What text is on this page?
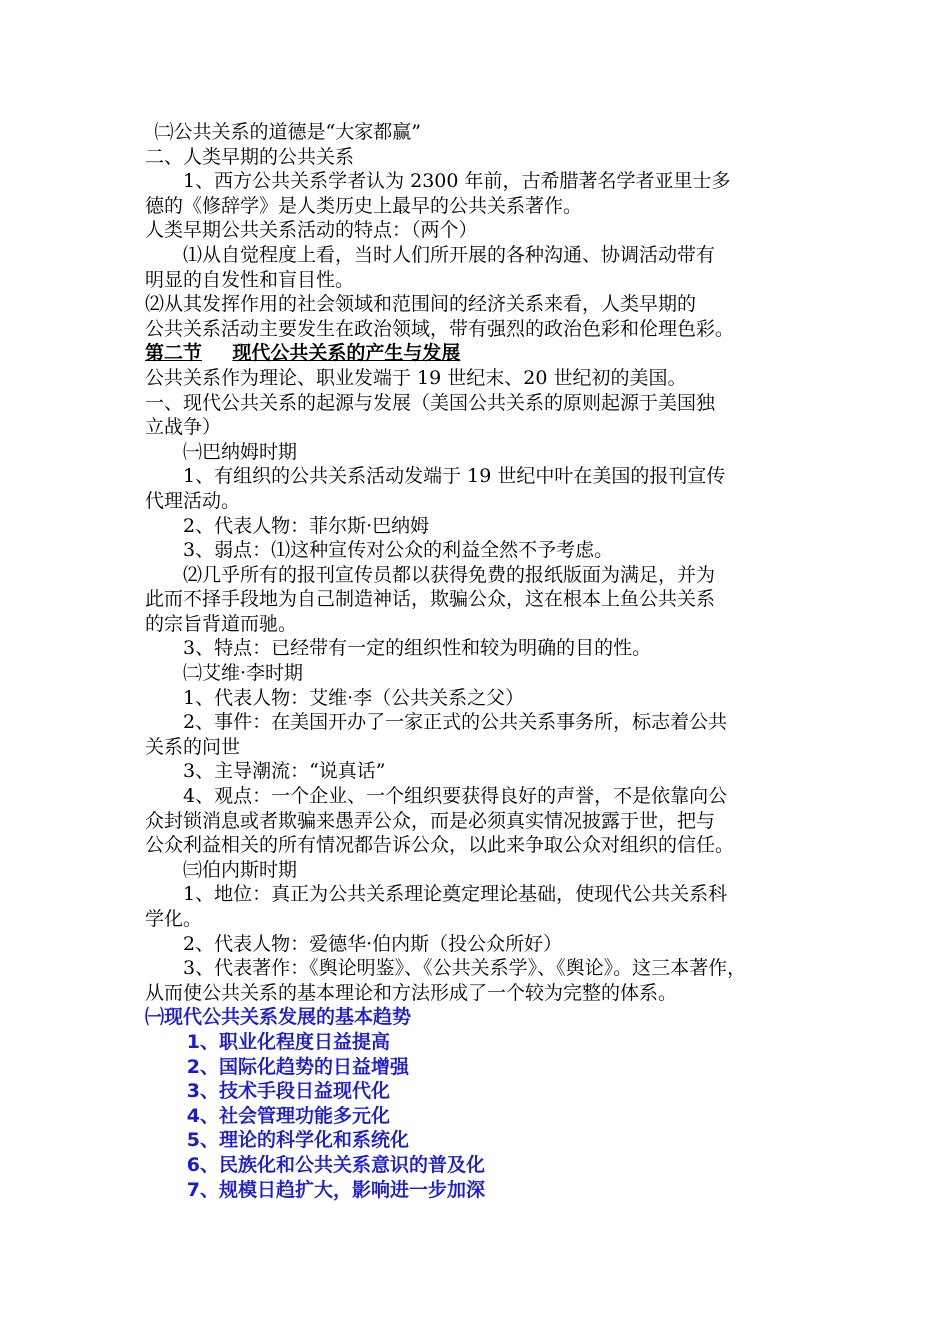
㈡公共关系的道德是“大家都赢”
二、人类早期的公共关系
1、西方公共关系学者认为 2300 年前，古希腊著名学者亚里士多
德的《修辞学》是人类历史上最早的公共关系著作。
人类早期公共关系活动的特点：（两个）
⑴从自觉程度上看，当时人们所开展的各种沟通、协调活动带有
明显的自发性和盲目性。
⑵从其发挥作用的社会领域和范围间的经济关系来看，人类早期的
公共关系活动主要发生在政治领域，带有强烈的政治色彩和伦理色彩。
第二节 现代公共关系的产生与发展
公共关系作为理论、职业发端于 19 世纪末、20 世纪初的美国。
一、现代公共关系的起源与发展（美国公共关系的原则起源于美国独
立战争）
㈠巴纳姆时期
1、有组织的公共关系活动发端于 19 世纪中叶在美国的报刊宣传
代理活动。
2、代表人物：菲尔斯·巴纳姆
3、弱点：⑴这种宣传对公众的利益全然不予考虑。
⑵几乎所有的报刊宣传员都以获得免费的报纸版面为满足，并为
此而不择手段地为自己制造神话，欺骗公众，这在根本上鱼公共关系
的宗旨背道而驰。
3、特点：已经带有一定的组织性和较为明确的目的性。
㈡艾维·李时期
1、代表人物：艾维·李（公共关系之父）
2、事件：在美国开办了一家正式的公共关系事务所，标志着公共
关系的问世
3、主导潮流：“说真话”
4、观点：一个企业、一个组织要获得良好的声誉，不是依靠向公
众封锁消息或者欺骗来愚弄公众，而是必须真实情况披露于世，把与
公众利益相关的所有情况都告诉公众，以此来争取公众对组织的信任。
㈢伯内斯时期
1、地位：真正为公共关系理论奠定理论基础，使现代公共关系科
学化。
2、代表人物：爱德华·伯内斯（投公众所好）
3、代表著作：《舆论明鉴》、《公共关系学》、《舆论》。这三本著作，
从而使公共关系的基本理论和方法形成了一个较为完整的体系。
㈠现代公共关系发展的基本趋势
1、职业化程度日益提高
2、国际化趋势的日益增强
3、技术手段日益现代化
4、社会管理功能多元化
5、理论的科学化和系统化
6、民族化和公共关系意识的普及化
7、规模日趋扩大，影响进一步加深
